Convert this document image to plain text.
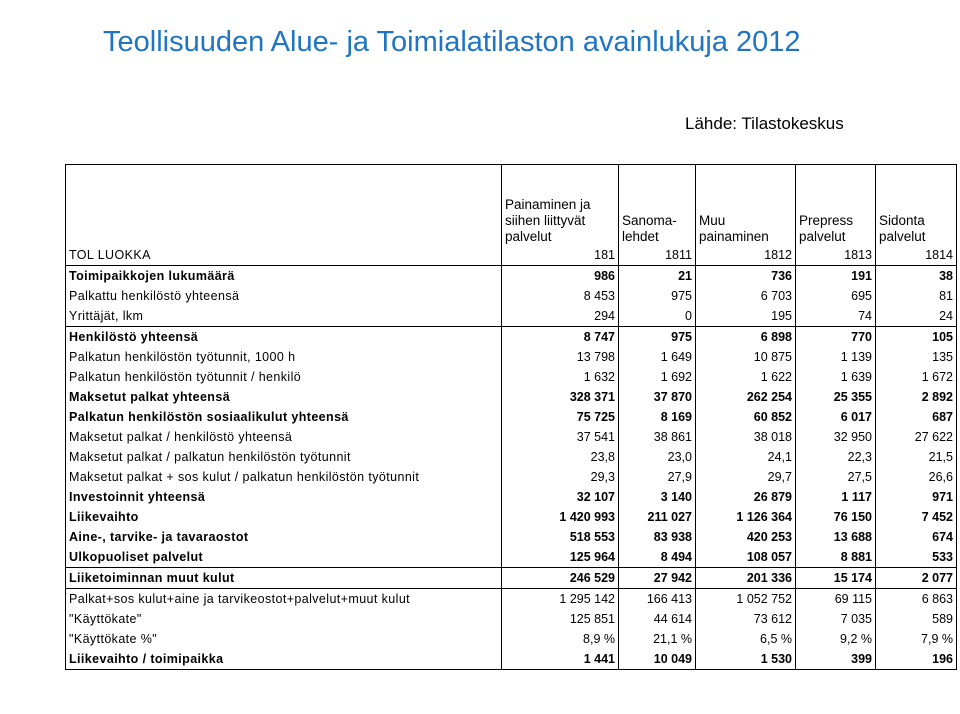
Teollisuuden Alue- ja Toimialatilaston avainlukuja 2012
Lähde: Tilastokeskus
	Painaminen ja siihen liittyvät palvelut	Sanoma-lehdet	Muu painaminen	Prepress palvelut	Sidonta palvelut
TOL LUOKKA	181	1811	1812	1813	1814
Toimipaikkojen lukumäärä	986	21	736	191	38
Palkattu henkilöstö yhteensä	8 453	975	6 703	695	81
Yrittäjät, lkm	294	0	195	74	24
Henkilöstö yhteensä	8 747	975	6 898	770	105
Palkatun henkilöstön työtunnit, 1000 h	13 798	1 649	10 875	1 139	135
Palkatun henkilöstön työtunnit / henkilö	1 632	1 692	1 622	1 639	1 672
Maksetut palkat yhteensä	328 371	37 870	262 254	25 355	2 892
Palkatun henkilöstön sosiaalikulut yhteensä	75 725	8 169	60 852	6 017	687
Maksetut palkat / henkilöstö yhteensä	37 541	38 861	38 018	32 950	27 622
Maksetut palkat / palkatun henkilöstön työtunnit	23,8	23,0	24,1	22,3	21,5
Maksetut palkat + sos kulut / palkatun henkilöstön työtunnit	29,3	27,9	29,7	27,5	26,6
Investoinnit yhteensä	32 107	3 140	26 879	1 117	971
Liikevaihto	1 420 993	211 027	1 126 364	76 150	7 452
Aine-, tarvike- ja tavaraostot	518 553	83 938	420 253	13 688	674
Ulkopuoliset palvelut	125 964	8 494	108 057	8 881	533
Liiketoiminnan muut kulut	246 529	27 942	201 336	15 174	2 077
Palkat+sos kulut+aine ja tarvikeostot+palvelut+muut kulut	1 295 142	166 413	1 052 752	69 115	6 863
"Käyttökate"	125 851	44 614	73 612	7 035	589
"Käyttökate %"	8,9 %	21,1 %	6,5 %	9,2 %	7,9 %
Liikevaihto / toimipaikka	1 441	10 049	1 530	399	196
